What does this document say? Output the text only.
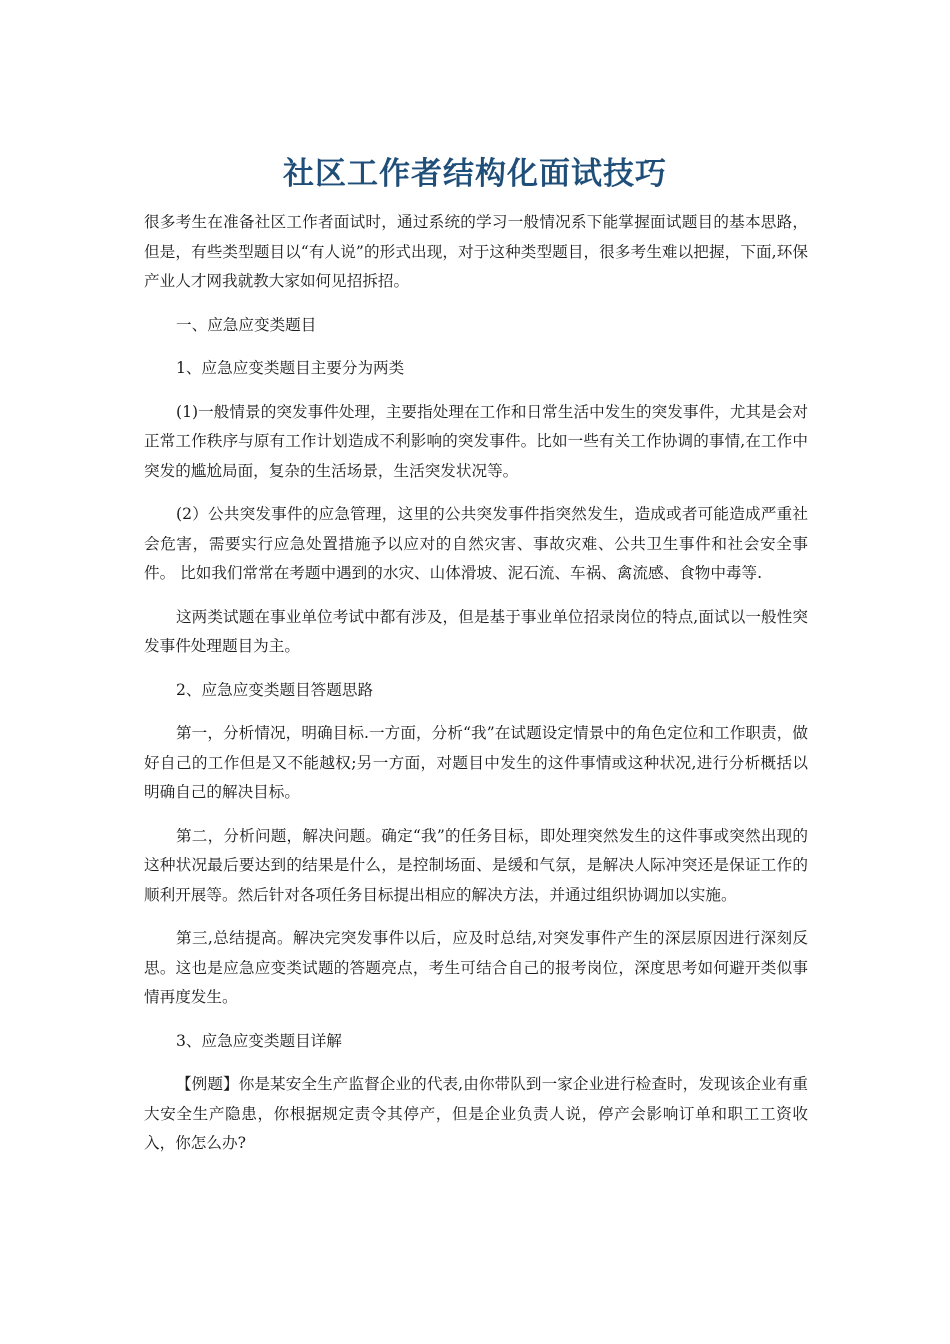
社区工作者结构化面试技巧

很多考生在准备社区工作者面试时，通过系统的学习一般情况系下能掌握面试题目的基本思路，但是，有些类型题目以“有人说”的形式出现，对于这种类型题目，很多考生难以把握，下面,环保产业人才网我就教大家如何见招拆招。

一、应急应变类题目

1、应急应变类题目主要分为两类

(1)一般情景的突发事件处理，主要指处理在工作和日常生活中发生的突发事件，尤其是会对正常工作秩序与原有工作计划造成不利影响的突发事件。比如一些有关工作协调的事情,在工作中突发的尴尬局面，复杂的生活场景，生活突发状况等。

(2）公共突发事件的应急管理，这里的公共突发事件指突然发生，造成或者可能造成严重社会危害，需要实行应急处置措施予以应对的自然灾害、事故灾难、公共卫生事件和社会安全事件。 比如我们常常在考题中遇到的水灾、山体滑坡、泥石流、车祸、禽流感、食物中毒等.

这两类试题在事业单位考试中都有涉及，但是基于事业单位招录岗位的特点,面试以一般性突发事件处理题目为主。

2、应急应变类题目答题思路

第一，分析情况，明确目标.一方面，分析“我”在试题设定情景中的角色定位和工作职责，做好自己的工作但是又不能越权;另一方面，对题目中发生的这件事情或这种状况,进行分析概括以明确自己的解决目标。

第二，分析问题，解决问题。确定“我”的任务目标，即处理突然发生的这件事或突然出现的这种状况最后要达到的结果是什么，是控制场面、是缓和气氛，是解决人际冲突还是保证工作的顺利开展等。然后针对各项任务目标提出相应的解决方法，并通过组织协调加以实施。

第三,总结提高。解决完突发事件以后，应及时总结,对突发事件产生的深层原因进行深刻反思。这也是应急应变类试题的答题亮点，考生可结合自己的报考岗位，深度思考如何避开类似事情再度发生。

3、应急应变类题目详解

【例题】你是某安全生产监督企业的代表,由你带队到一家企业进行检查时，发现该企业有重大安全生产隐患，你根据规定责令其停产，但是企业负责人说，停产会影响订单和职工工资收入，你怎么办?
